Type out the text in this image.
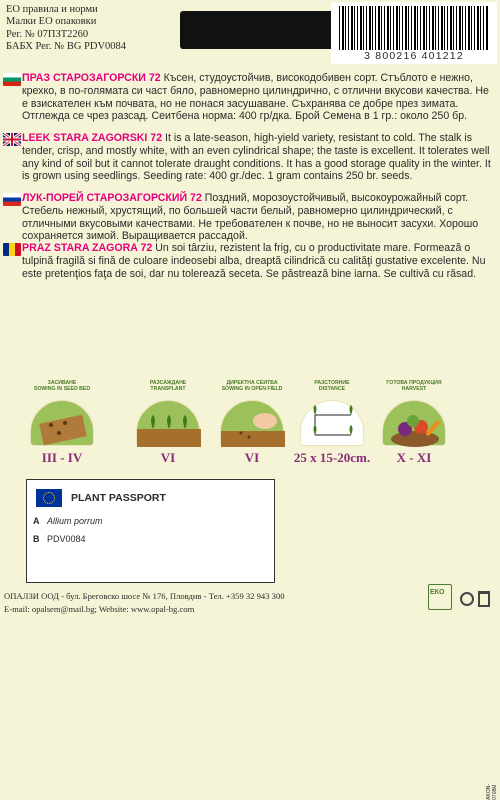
ЕО правила и норми
Малки ЕО опаковки
Рег. № 07ПЗТ2260
БАБХ Рег. № BG PDV0084
3 800216 401212
ПРАЗ СТАРОЗАГОРСКИ 72 Късен, студоустойчив, високодобивен сорт. Стъблото е нежно, крехко, в по-голямата си част бяло, равномерно цилиндрично, с отлични вкусови качества. Не е взискателен към почвата, но не понася засушаване. Съхранява се добре през зимата. Отглежда се чрез разсад. Сеитбена норма: 400 гр/дка. Брой Семена в 1 гр.: около 250 бр.
LEEK STARA ZAGORSKI 72 It is a late-season, high-yield variety, resistant to cold. The stalk is tender, crisp, and mostly white, with an even cylindrical shape; the taste is excellent. It tolerates well any kind of soil but it cannot tolerate draught conditions. It has a good storage quality in the winter. It is grown using seedlings. Seeding rate: 400 gr./dec. 1 gram contains 250 br. seeds.
ЛУК-ПОРЕЙ СТАРОЗАГОРСКИЙ 72 Поздний, морозоустойчивый, высокоурожайный сорт. Стебель нежный, хрустящий, по большей части белый, равномерно цилиндрический, с отличными вкусовыми качествами. Не требователен к почве, но не выносит засухи. Хорошо сохраняется зимой. Выращивается рассадой.
PRAZ STARA ZAGORA 72 Un soi târziu, rezistent la frig, cu o productivitate mare. Formează o tulpină fragilă si fină de culoare indeosebi alba, dreaptă cilindrică cu calităţi gustative excelente. Nu este pretenţios faţa de soi, dar nu tolerează seceta. Se păstrează bine iarna. Se cultivă cu răsad.
ЗАСИВАНЕ
SOWING IN SEED BED
III - IV
РАЗСАЖДАНЕ
TRANSPLANT
VI
ДИРЕКТНА СЕИТБА
SOWING IN OPEN FIELD
VI
РАЗСТОЯНИЕ
DISTANCE
25 x 15-20cm.
ГОТОВА ПРОДУКЦИЯ
HARVEST
X - XI
AKON-0708M
PLANT PASSPORT
A Allium porrum
B PDV0084
ОПАЛЗИ ООД - бул. Бреговско шосе № 176, Пловдив - Тел. +359 32 943 300
E-mail: opalsem@mail.bg; Website: www.opal-bg.com
ЕКО
